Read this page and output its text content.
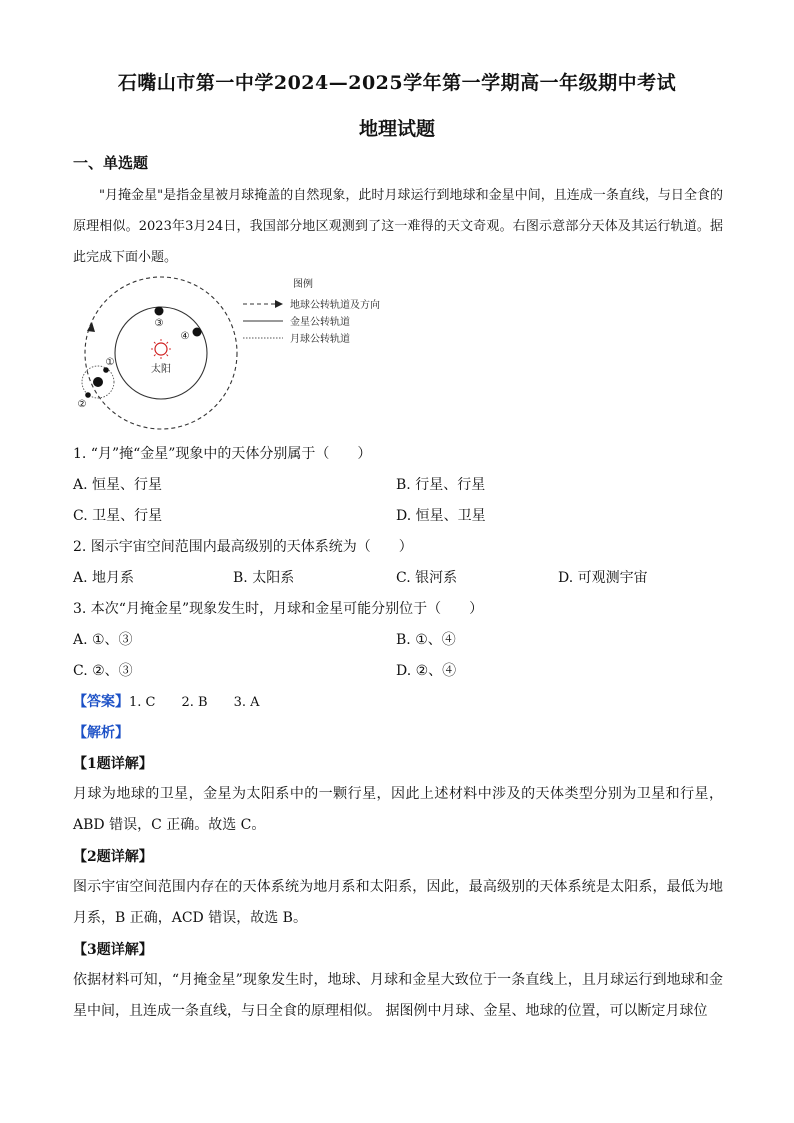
石嘴山市第一中学2024—2025学年第一学期高一年级期中考试
地理试题
一、单选题
"月掩金星"是指金星被月球掩盖的自然现象，此时月球运行到地球和金星中间，且连成一条直线，与日全食的原理相似。2023年3月24日，我国部分地区观测到了这一难得的天文奇观。右图示意部分天体及其运行轨道。据此完成下面小题。
太阳
③
④
①
②
图例
地球公转轨道及方向
金星公转轨道
月球公转轨道
1. “月”掩“金星”现象中的天体分别属于（　　）
A. 恒星、行星	B. 行星、行星
C. 卫星、行星	D. 恒星、卫星
2. 图示宇宙空间范围内最高级别的天体系统为（　　）
A. 地月系	B. 太阳系	C. 银河系	D. 可观测宇宙
3. 本次“月掩金星”现象发生时，月球和金星可能分别位于（　　）
A. ①、③	B. ①、④
C. ②、③	D. ②、④
【答案】1. C　　2. B　　3. A
【解析】
【1题详解】
月球为地球的卫星，金星为太阳系中的一颗行星，因此上述材料中涉及的天体类型分别为卫星和行星，ABD 错误，C 正确。故选 C。
【2题详解】
图示宇宙空间范围内存在的天体系统为地月系和太阳系，因此，最高级别的天体系统是太阳系，最低为地月系，B 正确，ACD 错误，故选 B。
【3题详解】
依据材料可知，“月掩金星”现象发生时，地球、月球和金星大致位于一条直线上，且月球运行到地球和金星中间，且连成一条直线，与日全食的原理相似。 据图例中月球、金星、地球的位置，可以断定月球位
